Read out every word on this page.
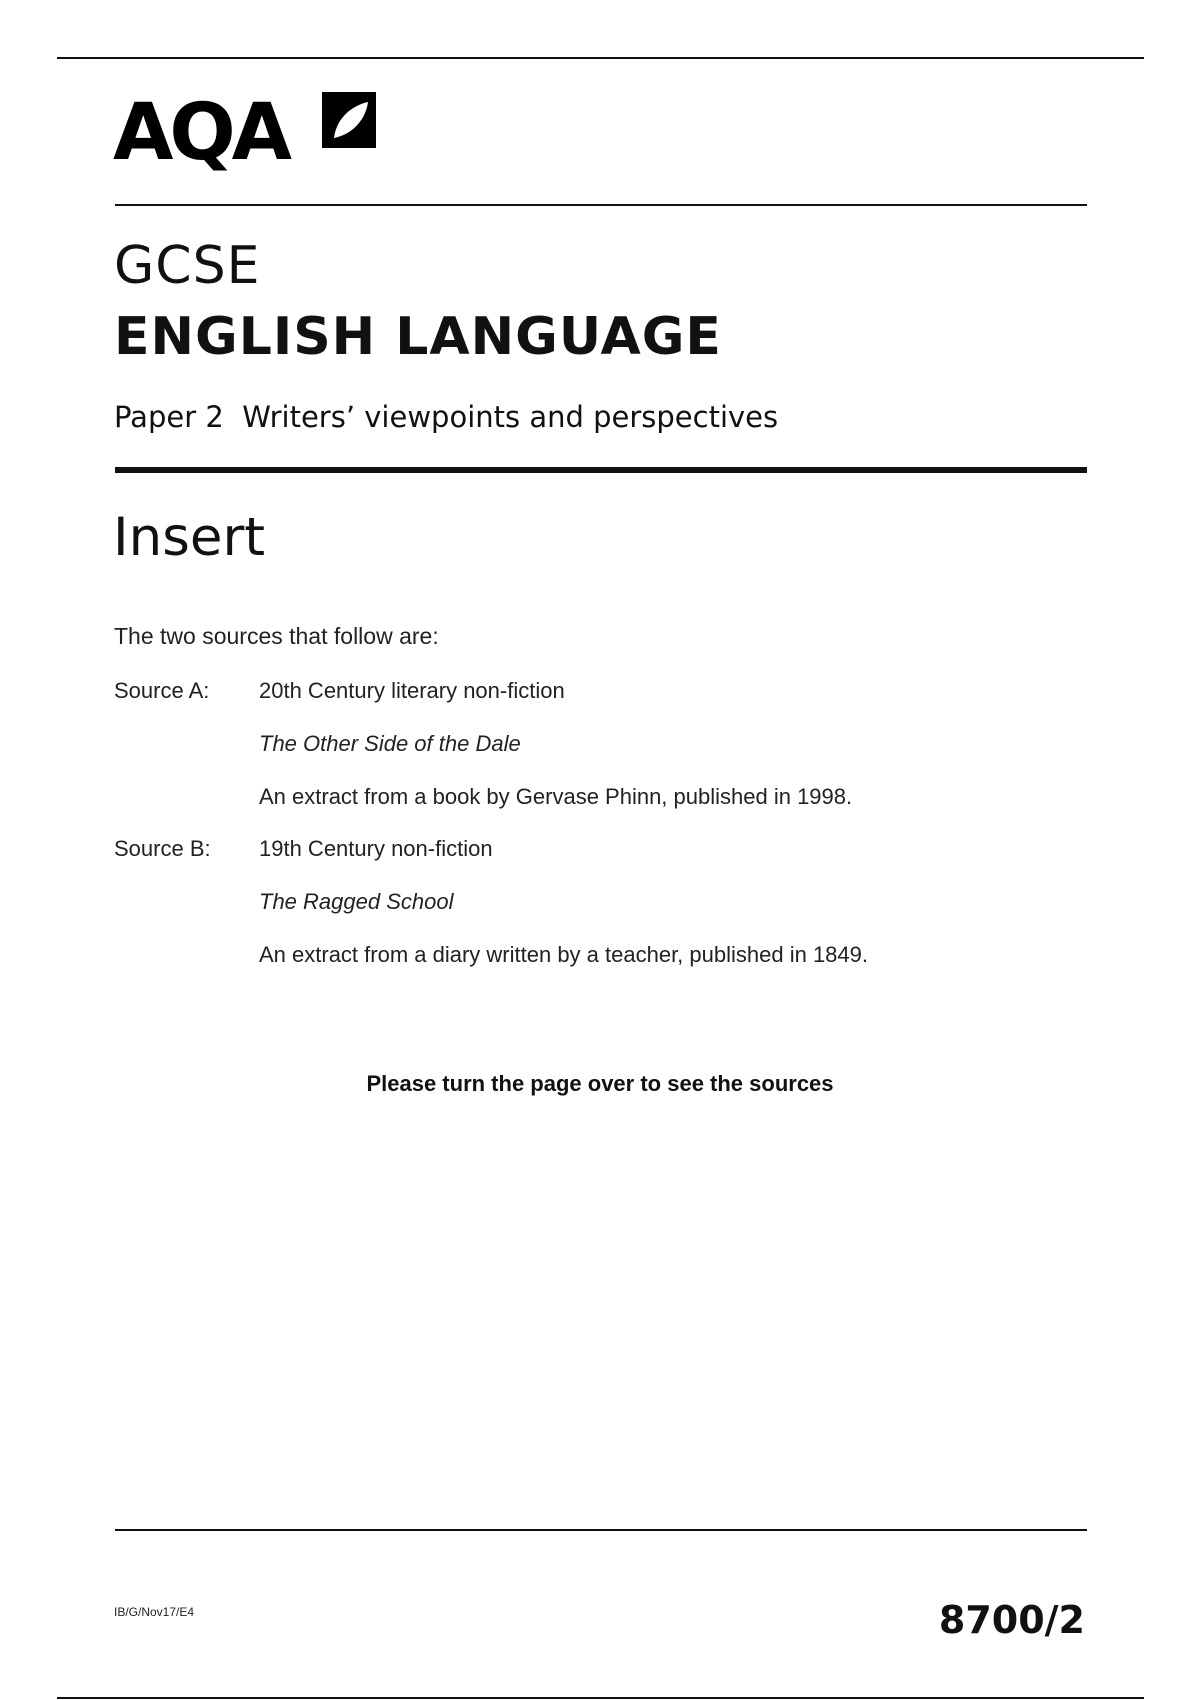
AQA
GCSE
ENGLISH LANGUAGE
Paper 2  Writers’ viewpoints and perspectives
Insert
The two sources that follow are:
Source A: 20th Century literary non-fiction
The Other Side of the Dale
An extract from a book by Gervase Phinn, published in 1998.
Source B: 19th Century non-fiction
The Ragged School
An extract from a diary written by a teacher, published in 1849.
Please turn the page over to see the sources
IB/G/Nov17/E4	8700/2
